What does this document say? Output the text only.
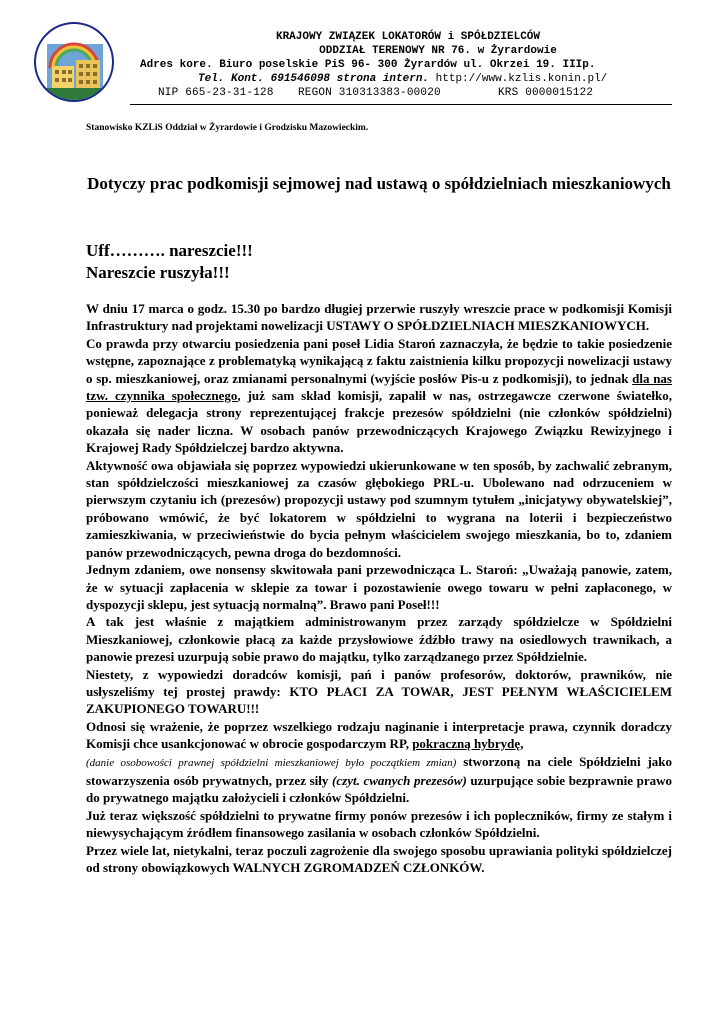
KRAJOWY ZWIĄZEK LOKATORÓW i SPÓŁDZIELCÓW
ODDZIAŁ TERENOWY NR 76. w Żyrardowie
Adres kore. Biuro poselskie PiS 96- 300 Żyrardów ul. Okrzei 19. IIIp.
Tel. Kont. 691546098 strona intern. http://www.kzlis.konin.pl/
NIP 665-23-31-128 REGON 310313383-00020	KRS 0000015122
Stanowisko KZLiS Oddział w Żyrardowie i Grodzisku Mazowieckim.
Dotyczy prac podkomisji sejmowej nad ustawą o spółdzielniach mieszkaniowych
Uff………. nareszcie!!!
Nareszcie ruszyła!!!

W dniu 17 marca o godz. 15.30 po bardzo długiej przerwie ruszyły wreszcie prace w podkomisji Komisji Infrastruktury nad projektami nowelizacji USTAWY O SPÓŁDZIELNIACH MIESZKANIOWYCH.

Co prawda przy otwarciu posiedzenia pani poseł Lidia Staroń zaznaczyła, że będzie to takie posiedzenie wstępne, zapoznające z problematyką wynikającą z faktu zaistnienia kilku propozycji nowelizacji ustawy o sp. mieszkaniowej, oraz zmianami personalnymi (wyjście posłów Pis-u z podkomisji), to jednak dla nas tzw. czynnika społecznego, już sam skład komisji, zapalił w nas, ostrzegawcze czerwone światełko, ponieważ delegacja strony reprezentującej frakcje prezesów spółdzielni (nie członków spółdzielni) okazała się nader liczna. W osobach panów przewodniczących Krajowego Związku Rewizyjnego i Krajowej Rady Spółdzielczej bardzo aktywna.

Aktywność owa objawiała się poprzez wypowiedzi ukierunkowane w ten sposób, by zachwalić zebranym, stan spółdzielczości mieszkaniowej za czasów głębokiego PRL-u. Ubolewano nad odrzuceniem w pierwszym czytaniu ich (prezesów) propozycji ustawy pod szumnym tytułem „inicjatywy obywatelskiej”, próbowano wmówić, że być lokatorem w spółdzielni to wygrana na loterii i bezpieczeństwo zamieszkiwania, w przeciwieństwie do bycia pełnym właścicielem swojego mieszkania, bo to, zdaniem panów przewodniczących, pewna droga do bezdomności.

Jednym zdaniem, owe nonsensy skwitowała pani przewodnicząca L. Staroń: „Uważają panowie, zatem, że w sytuacji zapłacenia w sklepie za towar i pozostawienie owego towaru w pełni zapłaconego, w dyspozycji sklepu, jest sytuacją normalną”. Brawo pani Poseł!!!

A tak jest właśnie z majątkiem administrowanym przez zarządy spółdzielcze w Spółdzielni Mieszkaniowej, członkowie płacą za każde przysłowiowe źdźbło trawy na osiedlowych trawnikach, a panowie prezesi uzurpują sobie prawo do majątku, tylko zarządzanego przez Spółdzielnie.

Niestety, z wypowiedzi doradców komisji, pań i panów profesorów, doktorów, prawników, nie usłyszeliśmy tej prostej prawdy: KTO PŁACI ZA TOWAR, JEST PEŁNYM WŁAŚCICIELEM ZAKUPIONEGO TOWARU!!!

Odnosi się wrażenie, że poprzez wszelkiego rodzaju naginanie i interpretacje prawa, czynnik doradczy Komisji chce usankcjonować w obrocie gospodarczym RP, pokraczną hybrydę,
(danie osobowości prawnej spółdzielni mieszkaniowej było początkiem zmian) stworzoną na ciele Spółdzielni jako stowarzyszenia osób prywatnych, przez siły (czyt. cwanych prezesów) uzurpujące sobie bezprawnie prawo do prywatnego majątku założycieli i członków Spółdzielni.

Już teraz większość spółdzielni to prywatne firmy ponów prezesów i ich popleczników, firmy ze stałym i niewysychającym źródłem finansowego zasilania w osobach członków Spółdzielni.

Przez wiele lat, nietykalni, teraz poczuli zagrożenie dla swojego sposobu uprawiania polityki spółdzielczej od strony obowiązkowych WALNYCH ZGROMADZEŃ CZŁONKÓW.
